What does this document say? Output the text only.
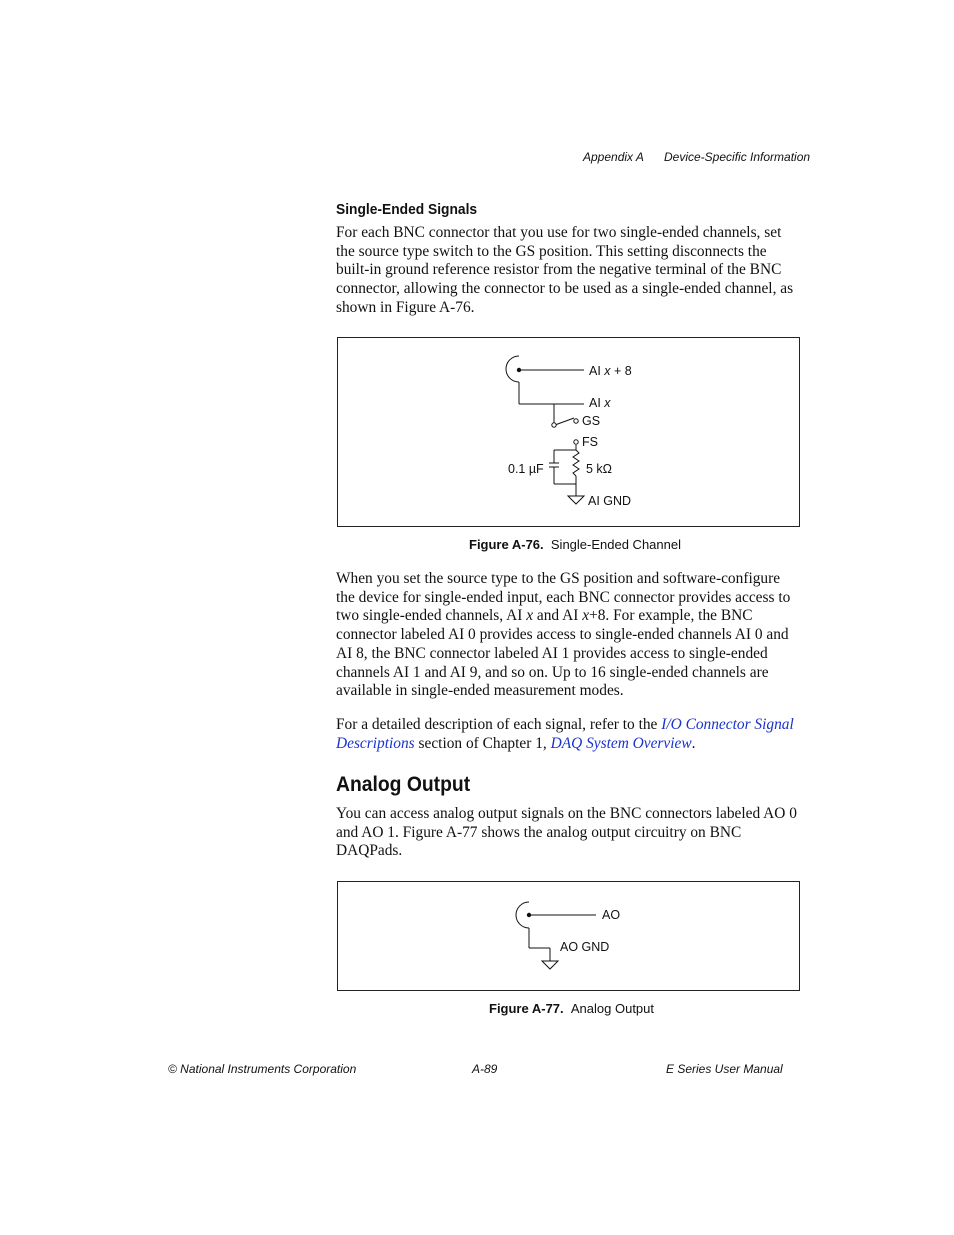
Appendix A Device-Specific Information
Single-Ended Signals

For each BNC connector that you use for two single-ended channels, set the source type switch to the GS position. This setting disconnects the built-in ground reference resistor from the negative terminal of the BNC connector, allowing the connector to be used as a single-ended channel, as shown in Figure A-76.

AI x + 8
AI x
GS
FS
0.1 µF	5 kΩ
AI GND
Figure A-76. Single-Ended Channel

When you set the source type to the GS position and software-configure the device for single-ended input, each BNC connector provides access to two single-ended channels, AI x and AI x+8. For example, the BNC connector labeled AI 0 provides access to single-ended channels AI 0 and AI 8, the BNC connector labeled AI 1 provides access to single-ended channels AI 1 and AI 9, and so on. Up to 16 single-ended channels are available in single-ended measurement modes.

For a detailed description of each signal, refer to the I/O Connector Signal Descriptions section of Chapter 1, DAQ System Overview.

Analog Output

You can access analog output signals on the BNC connectors labeled AO 0 and AO 1. Figure A-77 shows the analog output circuitry on BNC DAQPads.

AO
AO GND
Figure A-77. Analog Output
© National Instruments Corporation	A-89	E Series User Manual
